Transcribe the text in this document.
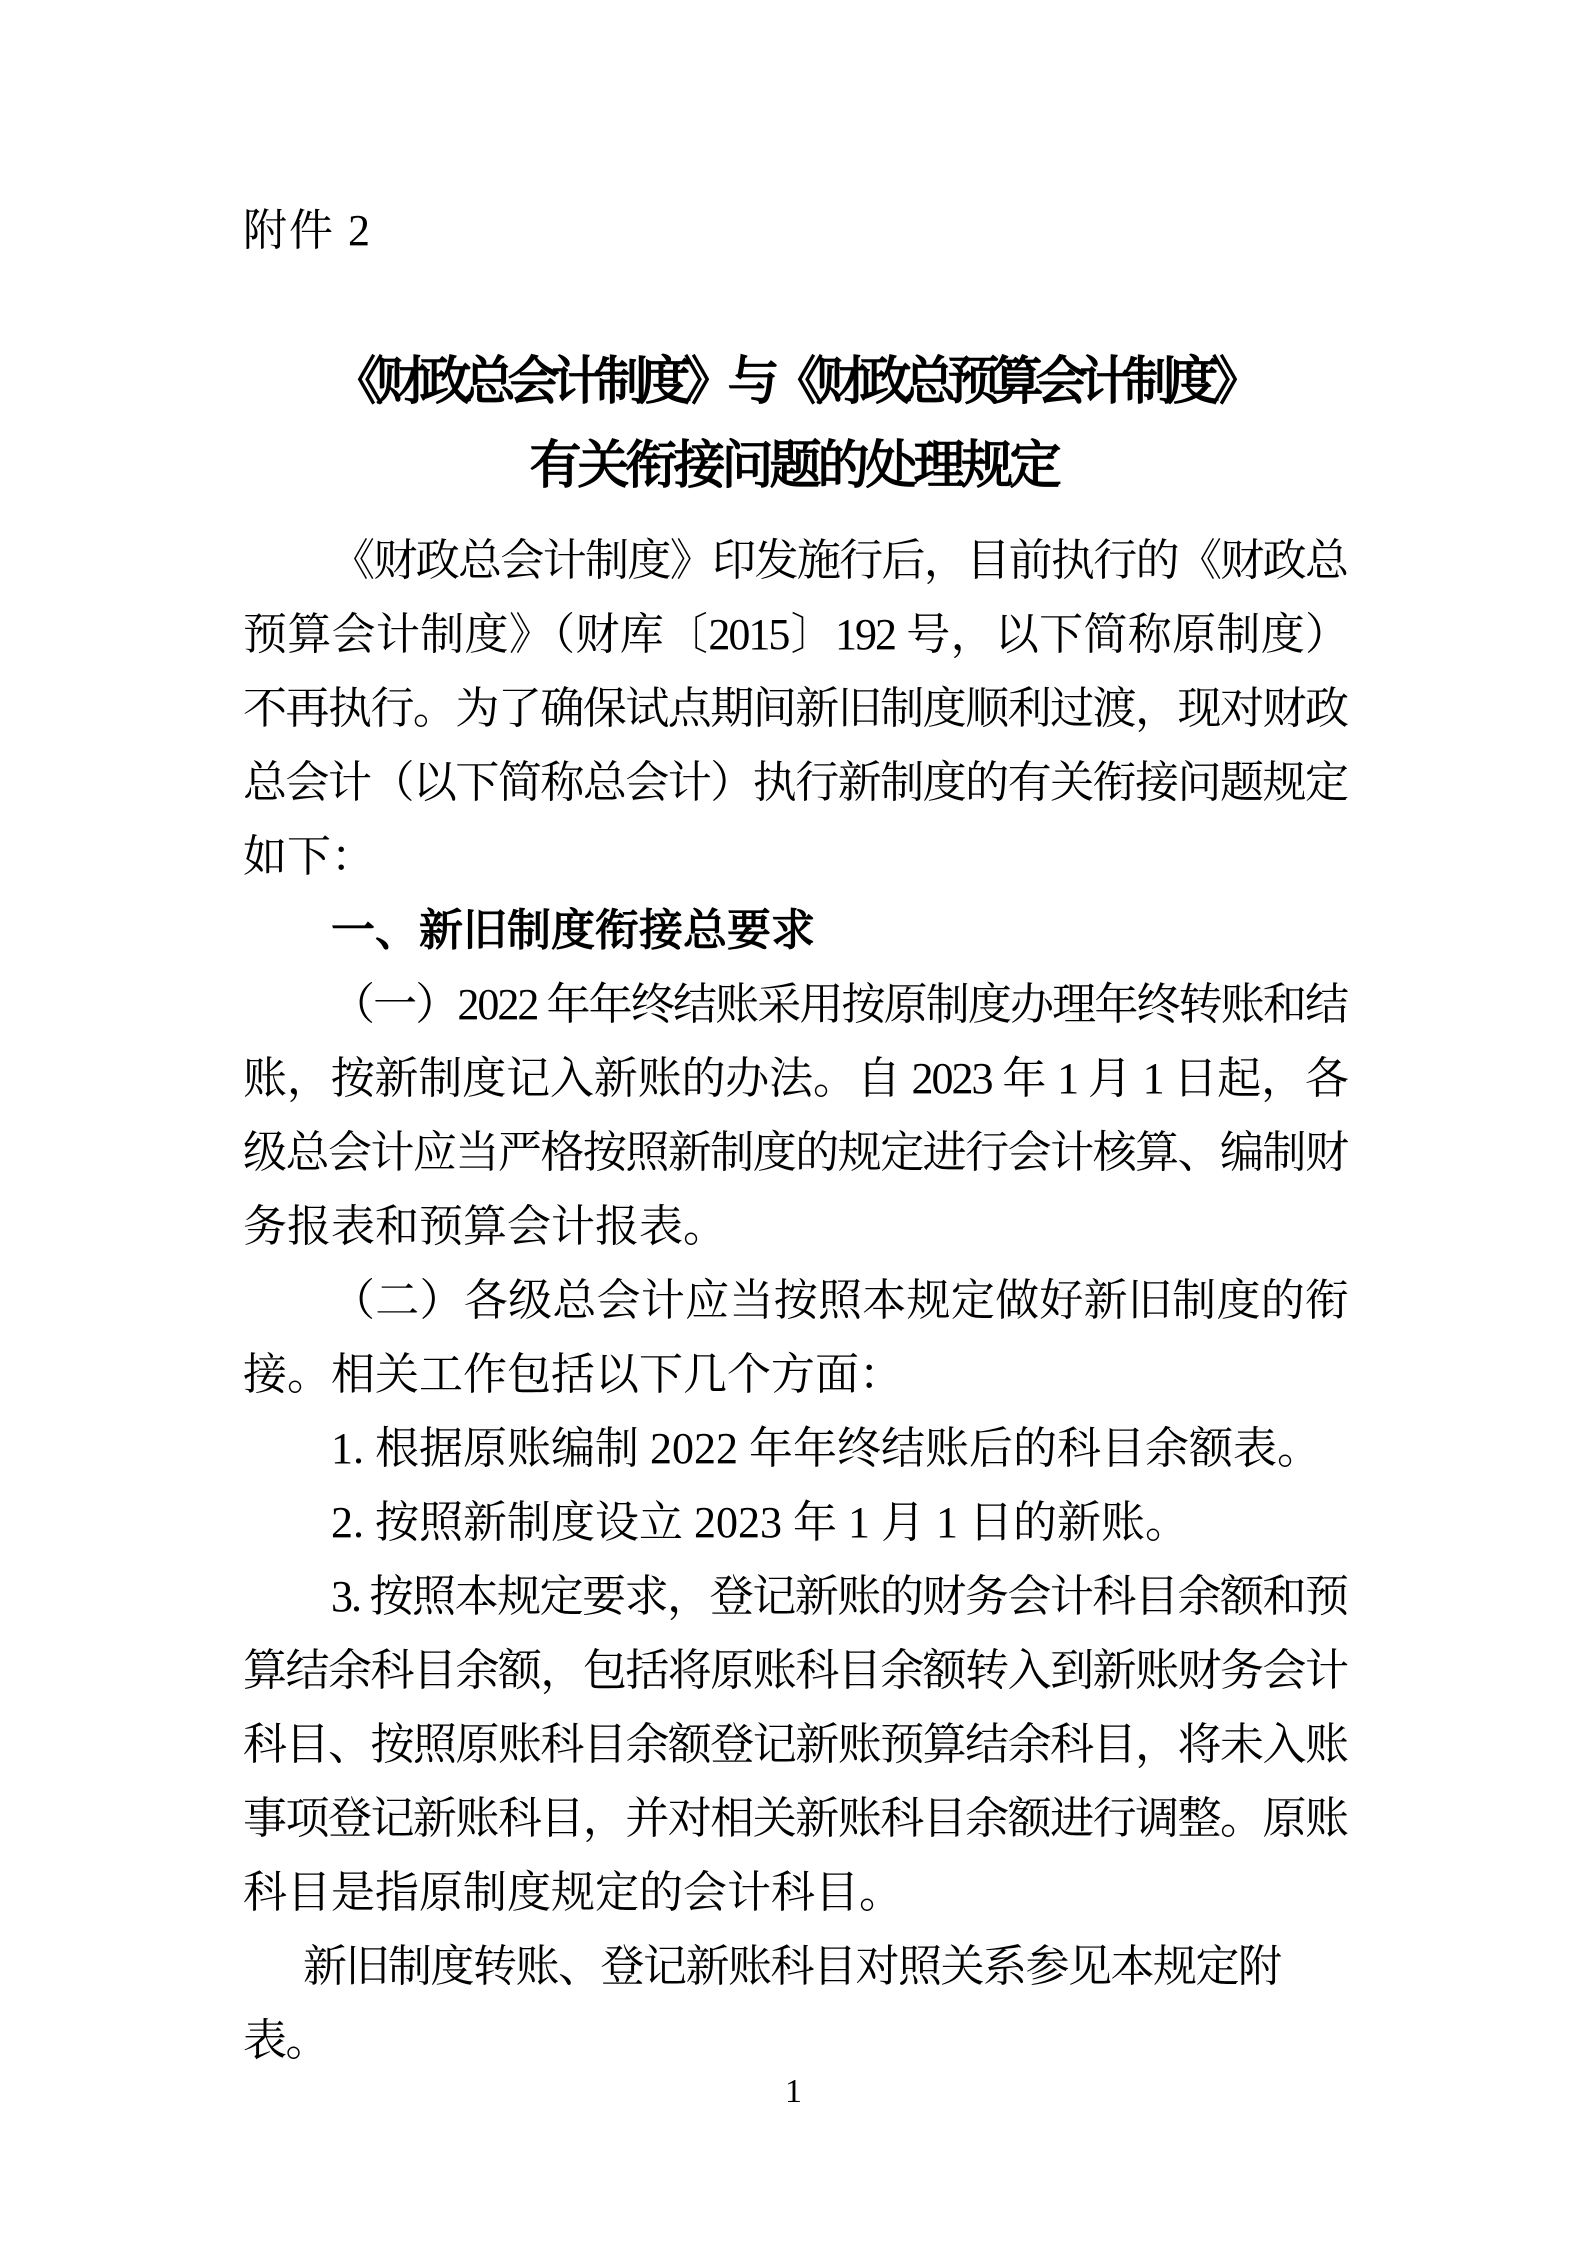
附件 2
《财政总会计制度》与《财政总预算会计制度》
有关衔接问题的处理规定
《财政总会计制度》印发施行后，目前执行的《财政总
预算会计制度》（财库〔2015〕192 号，以下简称原制度）
不再执行。为了确保试点期间新旧制度顺利过渡，现对财政
总会计（以下简称总会计）执行新制度的有关衔接问题规定
如下：
一、新旧制度衔接总要求
（一）2022 年年终结账采用按原制度办理年终转账和结
账，按新制度记入新账的办法。自 2023 年 1 月 1 日起，各
级总会计应当严格按照新制度的规定进行会计核算、编制财
务报表和预算会计报表。
（二）各级总会计应当按照本规定做好新旧制度的衔
接。相关工作包括以下几个方面：
1. 根据原账编制 2022 年年终结账后的科目余额表。
2. 按照新制度设立 2023 年 1 月 1 日的新账。
3. 按照本规定要求，登记新账的财务会计科目余额和预
算结余科目余额，包括将原账科目余额转入到新账财务会计
科目、按照原账科目余额登记新账预算结余科目，将未入账
事项登记新账科目，并对相关新账科目余额进行调整。原账
科目是指原制度规定的会计科目。
新旧制度转账、登记新账科目对照关系参见本规定附表。
1
